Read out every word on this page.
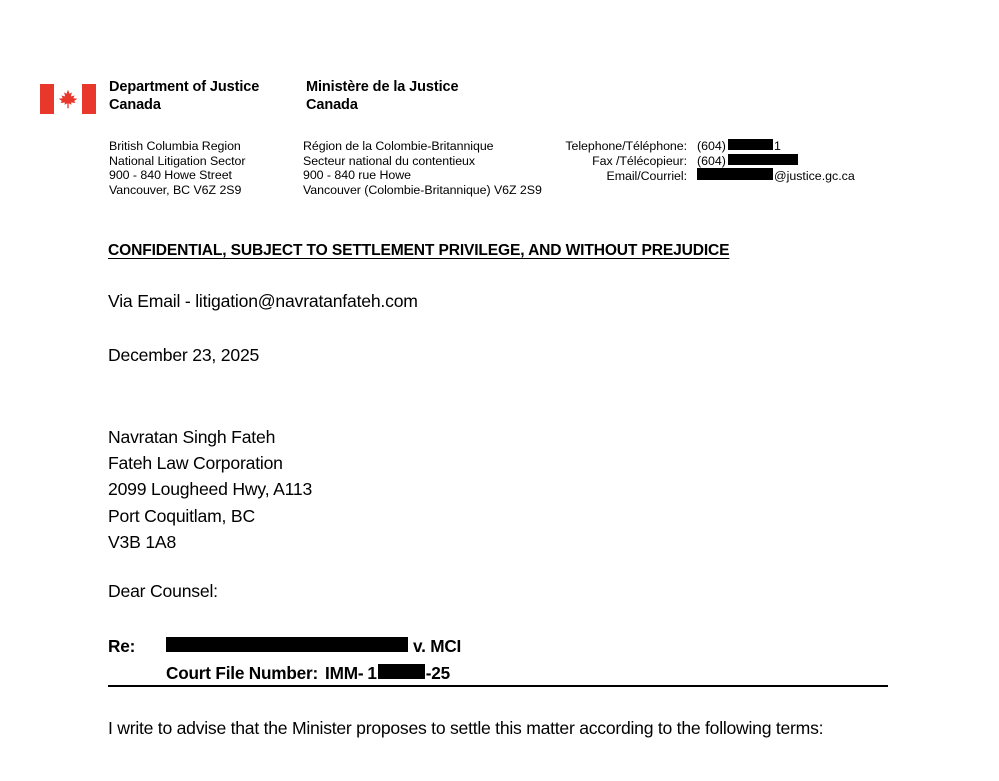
Department of Justice
Canada
Ministère de la Justice
Canada
British Columbia Region
National Litigation Sector
900 - 840 Howe Street
Vancouver, BC V6Z 2S9
Région de la Colombie-Britannique
Secteur national du contentieux
900 - 840 rue Howe
Vancouver (Colombie-Britannique) V6Z 2S9
Telephone/Téléphone: (604)	1
Fax /Télécopieur: (604)
Email/Courriel:	@justice.gc.ca
CONFIDENTIAL, SUBJECT TO SETTLEMENT PRIVILEGE, AND WITHOUT PREJUDICE
Via Email - litigation@navratanfateh.com
December 23, 2025
Navratan Singh Fateh
Fateh Law Corporation
2099 Lougheed Hwy, A113
Port Coquitlam, BC
V3B 1A8
Dear Counsel:
Re:	v. MCI
Court File Number: IMM- 1	-25
I write to advise that the Minister proposes to settle this matter according to the following terms:
